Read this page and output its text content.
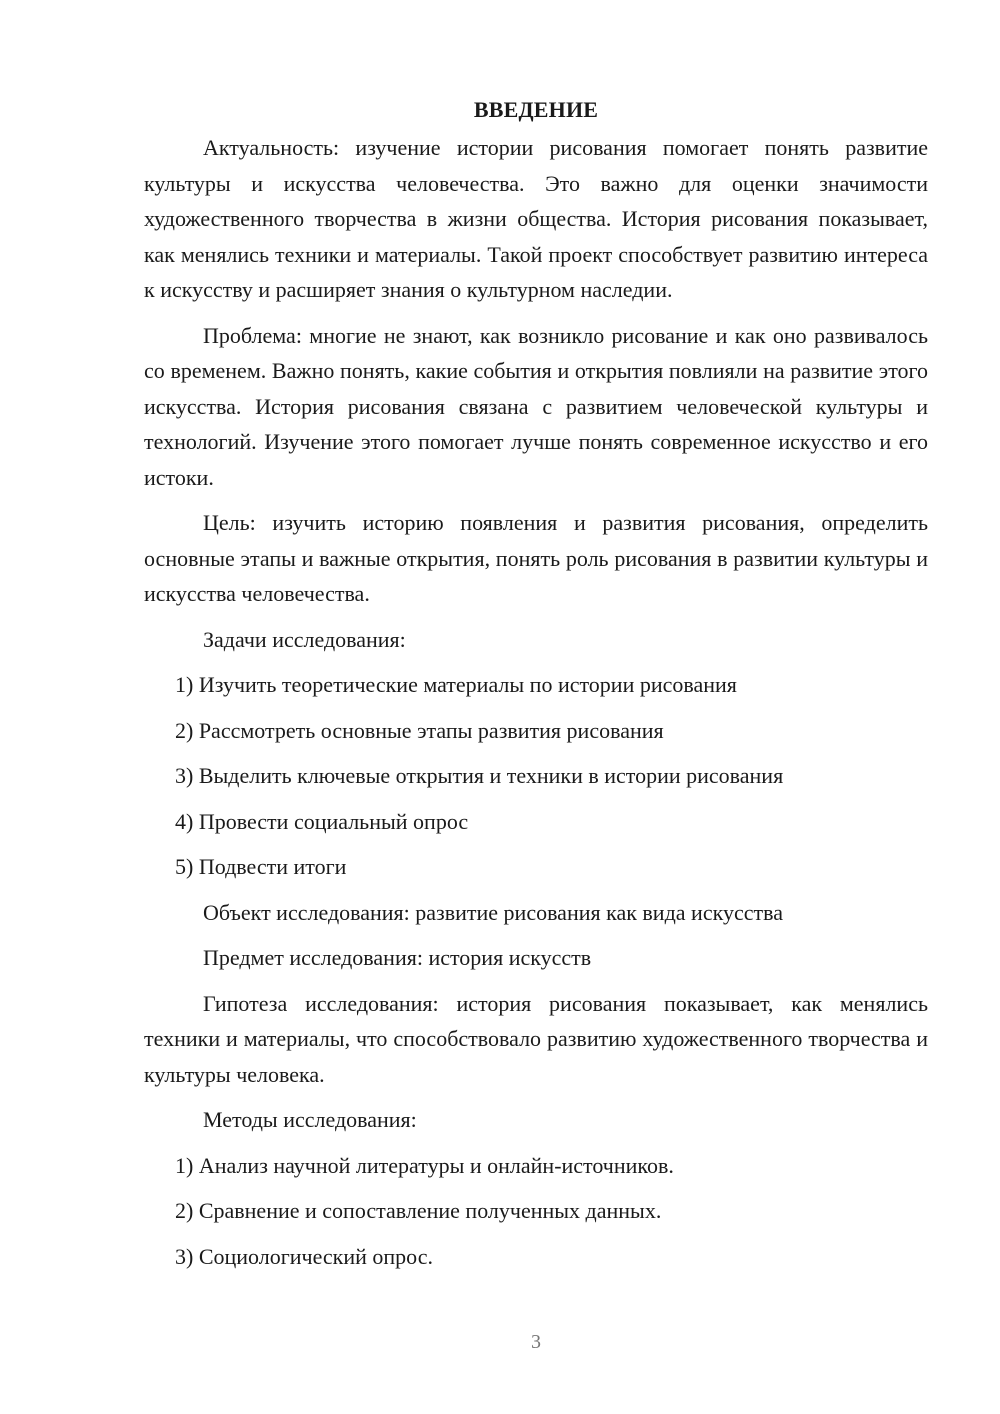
ВВЕДЕНИЕ

Актуальность: изучение истории рисования помогает понять развитие культуры и искусства человечества. Это важно для оценки значимости художественного творчества в жизни общества. История рисования показывает, как менялись техники и материалы. Такой проект способствует развитию интереса к искусству и расширяет знания о культурном наследии.

Проблема: многие не знают, как возникло рисование и как оно развивалось со временем. Важно понять, какие события и открытия повлияли на развитие этого искусства. История рисования связана с развитием человеческой культуры и технологий. Изучение этого помогает лучше понять современное искусство и его истоки.

Цель: изучить историю появления и развития рисования, определить основные этапы и важные открытия, понять роль рисования в развитии культуры и искусства человечества.

Задачи исследования:
1) Изучить теоретические материалы по истории рисования
2) Рассмотреть основные этапы развития рисования
3) Выделить ключевые открытия и техники в истории рисования
4) Провести социальный опрос
5) Подвести итоги
Объект исследования: развитие рисования как вида искусства
Предмет исследования: история искусств

Гипотеза исследования: история рисования показывает, как менялись техники и материалы, что способствовало развитию художественного творчества и культуры человека.

Методы исследования:
1) Анализ научной литературы и онлайн-источников.
2) Сравнение и сопоставление полученных данных.
3) Социологический опрос.
3
